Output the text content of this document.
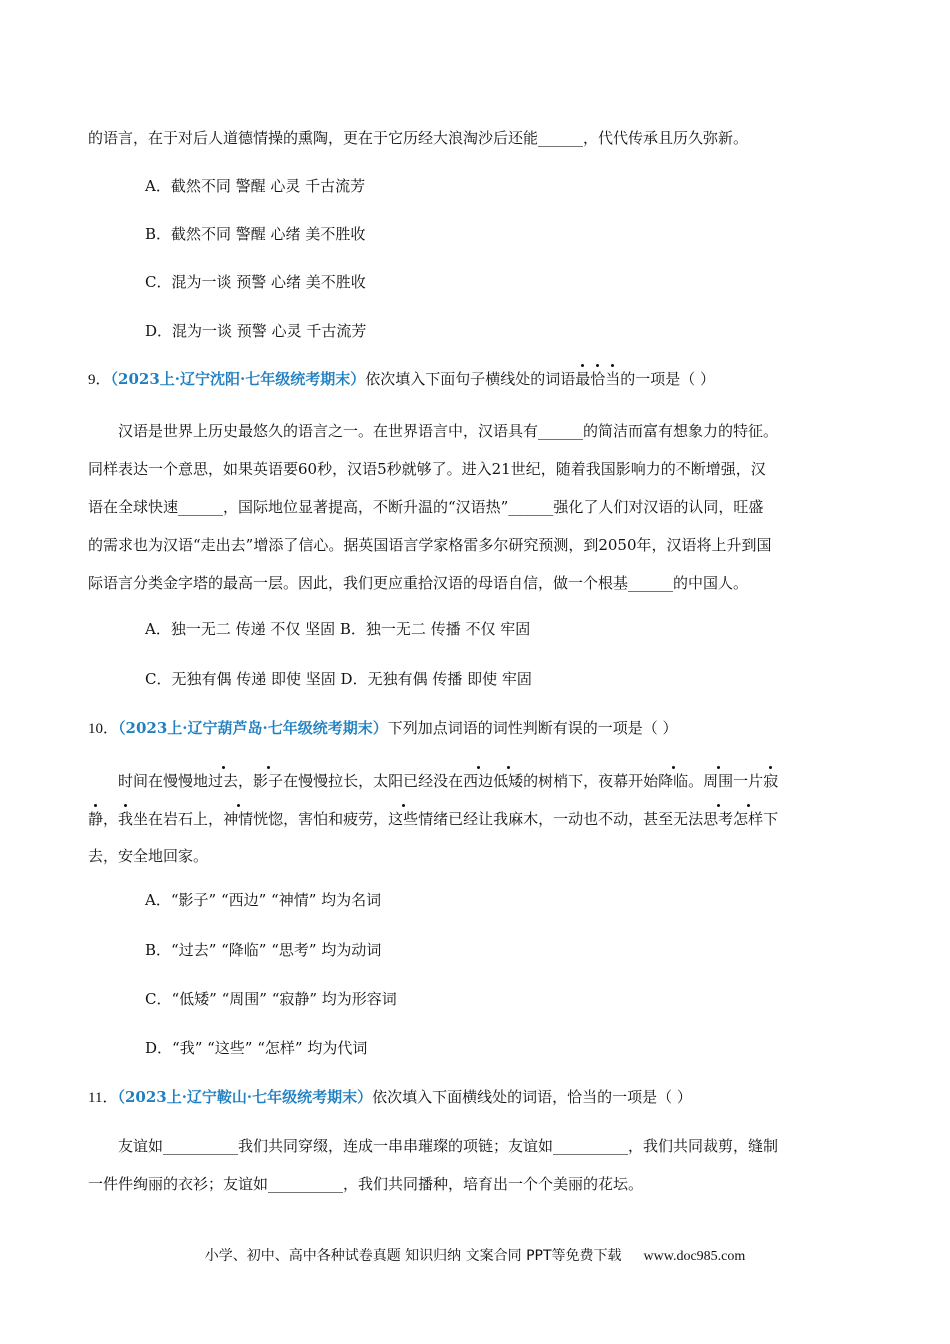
的语言，在于对后人道德情操的熏陶，更在于它历经大浪淘沙后还能______，代代传承且历久弥新。
A．截然不同 警醒 心灵 千古流芳
B．截然不同 警醒 心绪 美不胜收
C．混为一谈 预警 心绪 美不胜收
D．混为一谈 预警 心灵 千古流芳
9．（2023上·辽宁沈阳·七年级统考期末）依次填入下面句子横线处的词语最恰当的一项是（ ）
汉语是世界上历史最悠久的语言之一。在世界语言中，汉语具有______的简洁而富有想象力的特征。
同样表达一个意思，如果英语要60秒，汉语5秒就够了。进入21世纪，随着我国影响力的不断增强，汉
语在全球快速______，国际地位显著提高，不断升温的“汉语热”______强化了人们对汉语的认同，旺盛
的需求也为汉语“走出去”增添了信心。据英国语言学家格雷多尔研究预测，到2050年，汉语将上升到国
际语言分类金字塔的最高一层。因此，我们更应重拾汉语的母语自信，做一个根基______的中国人。
A．独一无二 传递 不仅 坚固 B．独一无二 传播 不仅 牢固
C．无独有偶 传递 即使 坚固 D．无独有偶 传播 即使 牢固
10．（2023上·辽宁葫芦岛·七年级统考期末）下列加点词语的词性判断有误的一项是（ ）
时间在慢慢地过去，影子在慢慢拉长，太阳已经没在西边低矮的树梢下，夜幕开始降临。周围一片寂
静，我坐在岩石上，神情恍惚，害怕和疲劳，这些情绪已经让我麻木，一动也不动，甚至无法思考怎样下
去，安全地回家。
A．“影子” “西边” “神情” 均为名词
B．“过去” “降临” “思考” 均为动词
C．“低矮” “周围” “寂静” 均为形容词
D．“我” “这些” “怎样” 均为代词
11．（2023上·辽宁鞍山·七年级统考期末）依次填入下面横线处的词语，恰当的一项是（ ）
友谊如__________我们共同穿缀，连成一串串璀璨的项链；友谊如__________，我们共同裁剪，缝制
一件件绚丽的衣衫；友谊如__________，我们共同播种，培育出一个个美丽的花坛。
小学、初中、高中各种试卷真题 知识归纳 文案合同 PPT等免费下载 www.doc985.com
